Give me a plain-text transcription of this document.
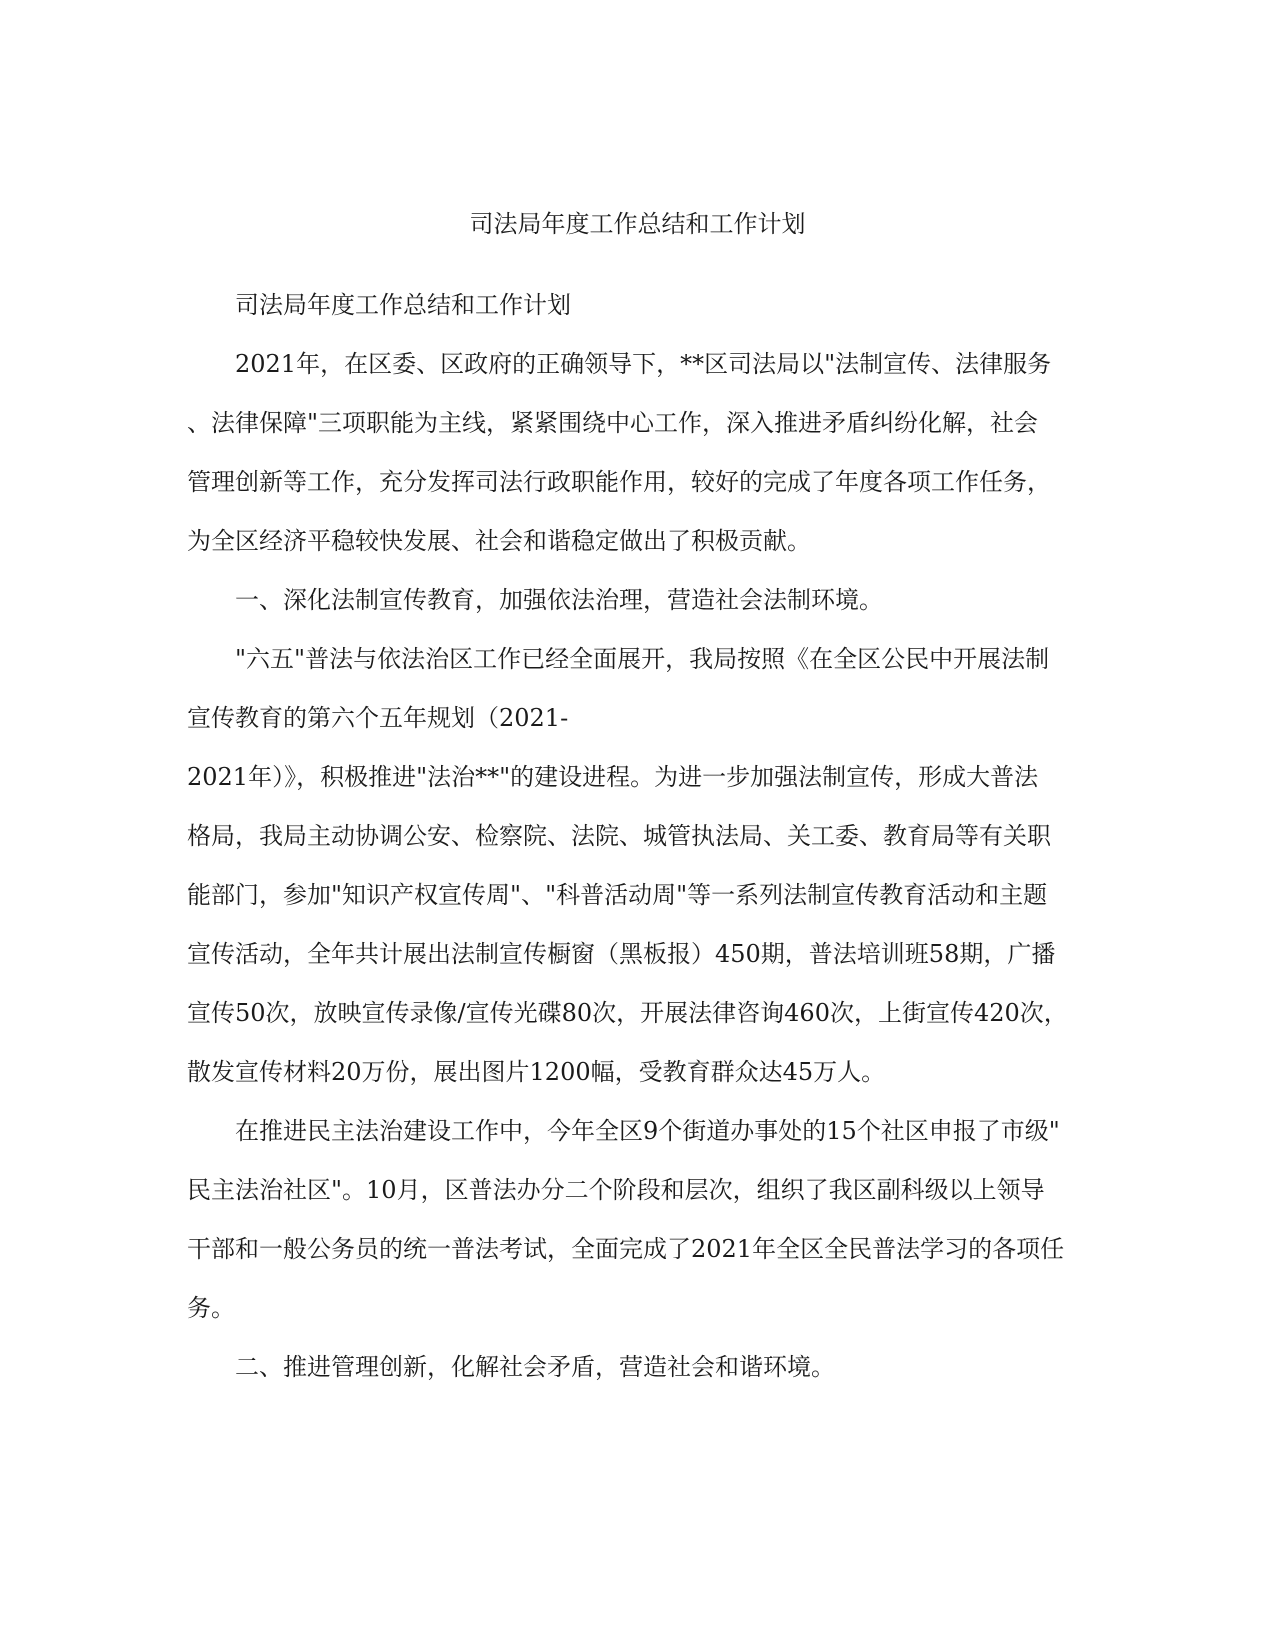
司法局年度工作总结和工作计划

司法局年度工作总结和工作计划

2021年，在区委、区政府的正确领导下，**区司法局以"法制宣传、法律服务
、法律保障"三项职能为主线，紧紧围绕中心工作，深入推进矛盾纠纷化解，社会
管理创新等工作，充分发挥司法行政职能作用，较好的完成了年度各项工作任务，
为全区经济平稳较快发展、社会和谐稳定做出了积极贡献。

一、深化法制宣传教育，加强依法治理，营造社会法制环境。

"六五"普法与依法治区工作已经全面展开，我局按照《在全区公民中开展法制
宣传教育的第六个五年规划（2021-
2021年）》，积极推进"法治**"的建设进程。为进一步加强法制宣传，形成大普法
格局，我局主动协调公安、检察院、法院、城管执法局、关工委、教育局等有关职
能部门，参加"知识产权宣传周"、"科普活动周"等一系列法制宣传教育活动和主题
宣传活动，全年共计展出法制宣传橱窗（黑板报）450期，普法培训班58期，广播
宣传50次，放映宣传录像/宣传光碟80次，开展法律咨询460次，上街宣传420次，
散发宣传材料20万份，展出图片1200幅，受教育群众达45万人。

在推进民主法治建设工作中，今年全区9个街道办事处的15个社区申报了市级"
民主法治社区"。10月，区普法办分二个阶段和层次，组织了我区副科级以上领导
干部和一般公务员的统一普法考试，全面完成了2021年全区全民普法学习的各项任
务。

二、推进管理创新，化解社会矛盾，营造社会和谐环境。
